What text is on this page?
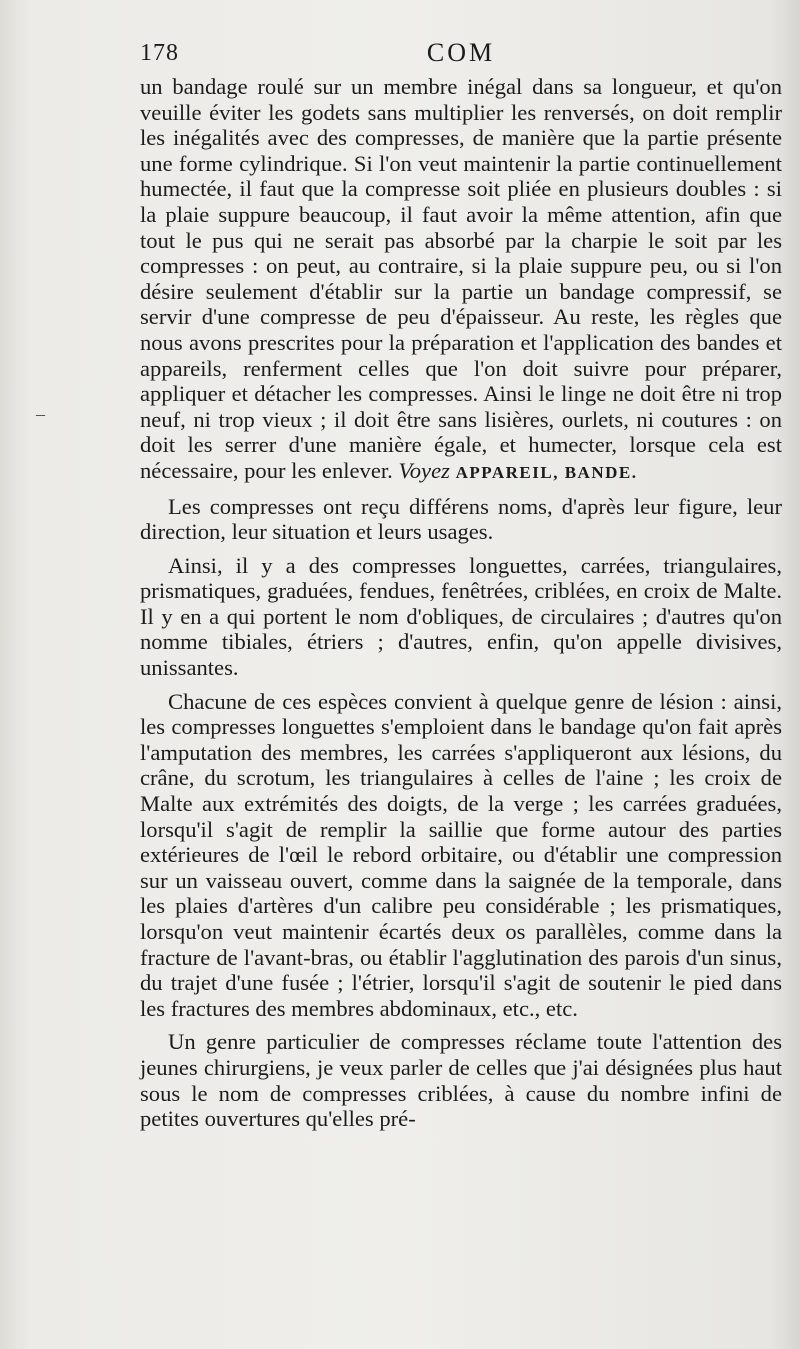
178	COM
–

un bandage roulé sur un membre inégal dans sa longueur, et qu'on veuille éviter les godets sans multiplier les renversés, on doit remplir les inégalités avec des compresses, de manière que la partie présente une forme cylindrique. Si l'on veut maintenir la partie continuellement humectée, il faut que la compresse soit pliée en plusieurs doubles : si la plaie suppure beaucoup, il faut avoir la même attention, afin que tout le pus qui ne serait pas absorbé par la charpie le soit par les compresses : on peut, au contraire, si la plaie suppure peu, ou si l'on désire seulement d'établir sur la partie un bandage compressif, se servir d'une compresse de peu d'épaisseur. Au reste, les règles que nous avons prescrites pour la préparation et l'application des bandes et appareils, renferment celles que l'on doit suivre pour préparer, appliquer et détacher les compresses. Ainsi le linge ne doit être ni trop neuf, ni trop vieux ; il doit être sans lisières, ourlets, ni coutures : on doit les serrer d'une manière égale, et humecter, lorsque cela est nécessaire, pour les enlever. Voyez APPAREIL, BANDE.

Les compresses ont reçu différens noms, d'après leur figure, leur direction, leur situation et leurs usages.

Ainsi, il y a des compresses longuettes, carrées, triangulaires, prismatiques, graduées, fendues, fenêtrées, criblées, en croix de Malte. Il y en a qui portent le nom d'obliques, de circulaires ; d'autres qu'on nomme tibiales, étriers ; d'autres, enfin, qu'on appelle divisives, unissantes.

Chacune de ces espèces convient à quelque genre de lésion : ainsi, les compresses longuettes s'emploient dans le bandage qu'on fait après l'amputation des membres, les carrées s'appliqueront aux lésions, du crâne, du scrotum, les triangulaires à celles de l'aine ; les croix de Malte aux extrémités des doigts, de la verge ; les carrées graduées, lorsqu'il s'agit de remplir la saillie que forme autour des parties extérieures de l'œil le rebord orbitaire, ou d'établir une compression sur un vaisseau ouvert, comme dans la saignée de la temporale, dans les plaies d'artères d'un calibre peu considérable ; les prismatiques, lorsqu'on veut maintenir écartés deux os parallèles, comme dans la fracture de l'avant-bras, ou établir l'agglutination des parois d'un sinus, du trajet d'une fusée ; l'étrier, lorsqu'il s'agit de soutenir le pied dans les fractures des membres abdominaux, etc., etc.

Un genre particulier de compresses réclame toute l'attention des jeunes chirurgiens, je veux parler de celles que j'ai désignées plus haut sous le nom de compresses criblées, à cause du nombre infini de petites ouvertures qu'elles pré-
